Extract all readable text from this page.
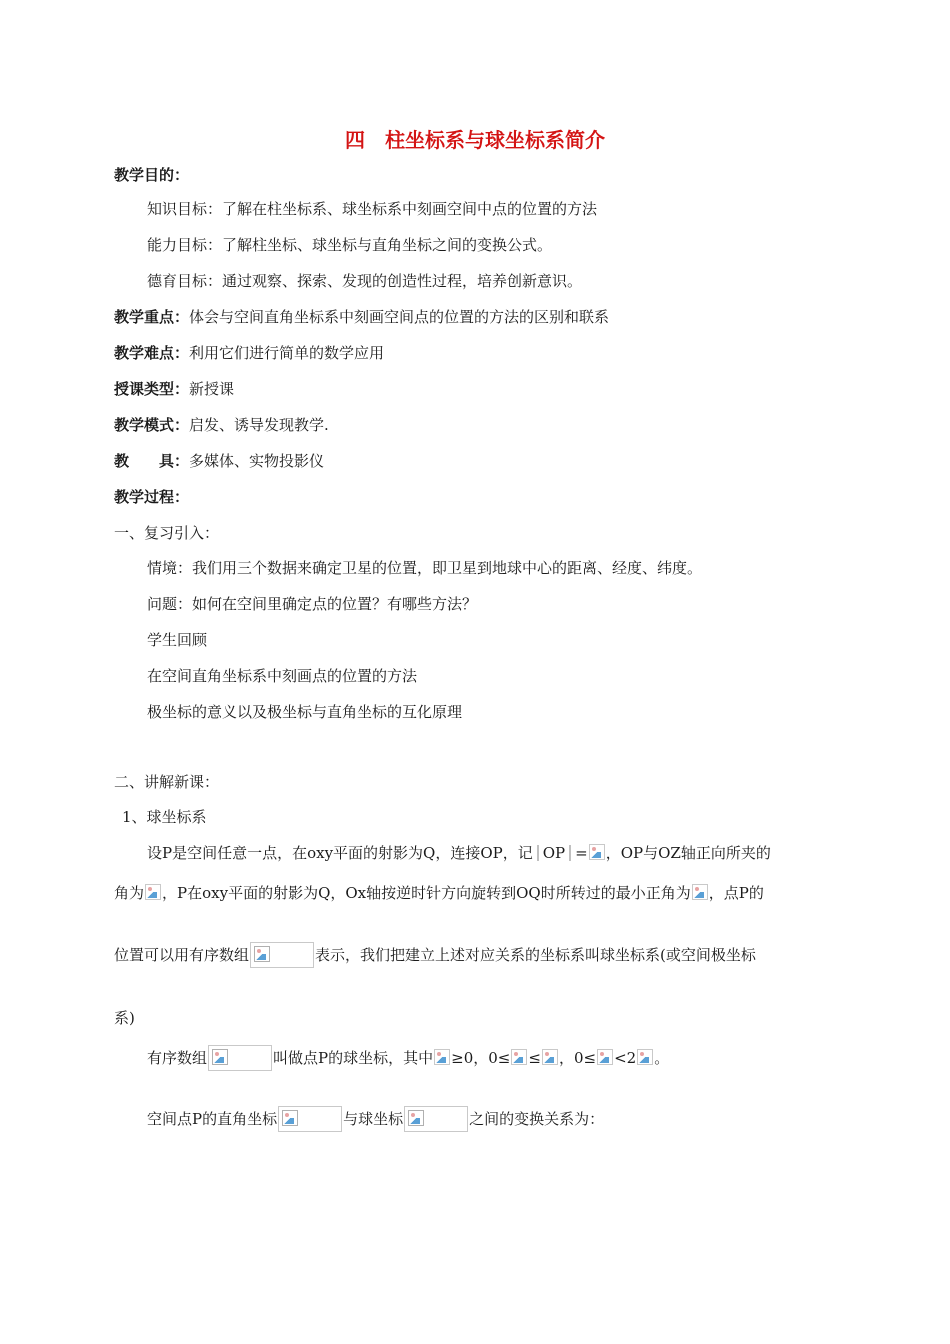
四 柱坐标系与球坐标系简介
教学目的：
知识目标：了解在柱坐标系、球坐标系中刻画空间中点的位置的方法
能力目标：了解柱坐标、球坐标与直角坐标之间的变换公式。
德育目标：通过观察、探索、发现的创造性过程，培养创新意识。
教学重点：体会与空间直角坐标系中刻画空间点的位置的方法的区别和联系
教学难点：利用它们进行简单的数学应用
授课类型：新授课
教学模式：启发、诱导发现教学.
教 具：多媒体、实物投影仪
教学过程：
一、复习引入：
情境：我们用三个数据来确定卫星的位置，即卫星到地球中心的距离、经度、纬度。
问题：如何在空间里确定点的位置？有哪些方法？
学生回顾
在空间直角坐标系中刻画点的位置的方法
极坐标的意义以及极坐标与直角坐标的互化原理
二、讲解新课：
1、球坐标系
设P是空间任意一点，在oxy平面的射影为Q，连接OP，记 OP = ，OP与OZ轴正向所夹的
角为 ，P在oxy平面的射影为Q，Ox轴按逆时针方向旋转到OQ时所转过的最小正角为 ，点P的
位置可以用有序数组	表示，我们把建立上述对应关系的坐标系叫球坐标系(或空间极坐标
系)
有序数组	叫做点P的球坐标，其中 ≥0，0≤ ≤ ，0≤ <2 。
空间点P的直角坐标	与球坐标	之间的变换关系为：
